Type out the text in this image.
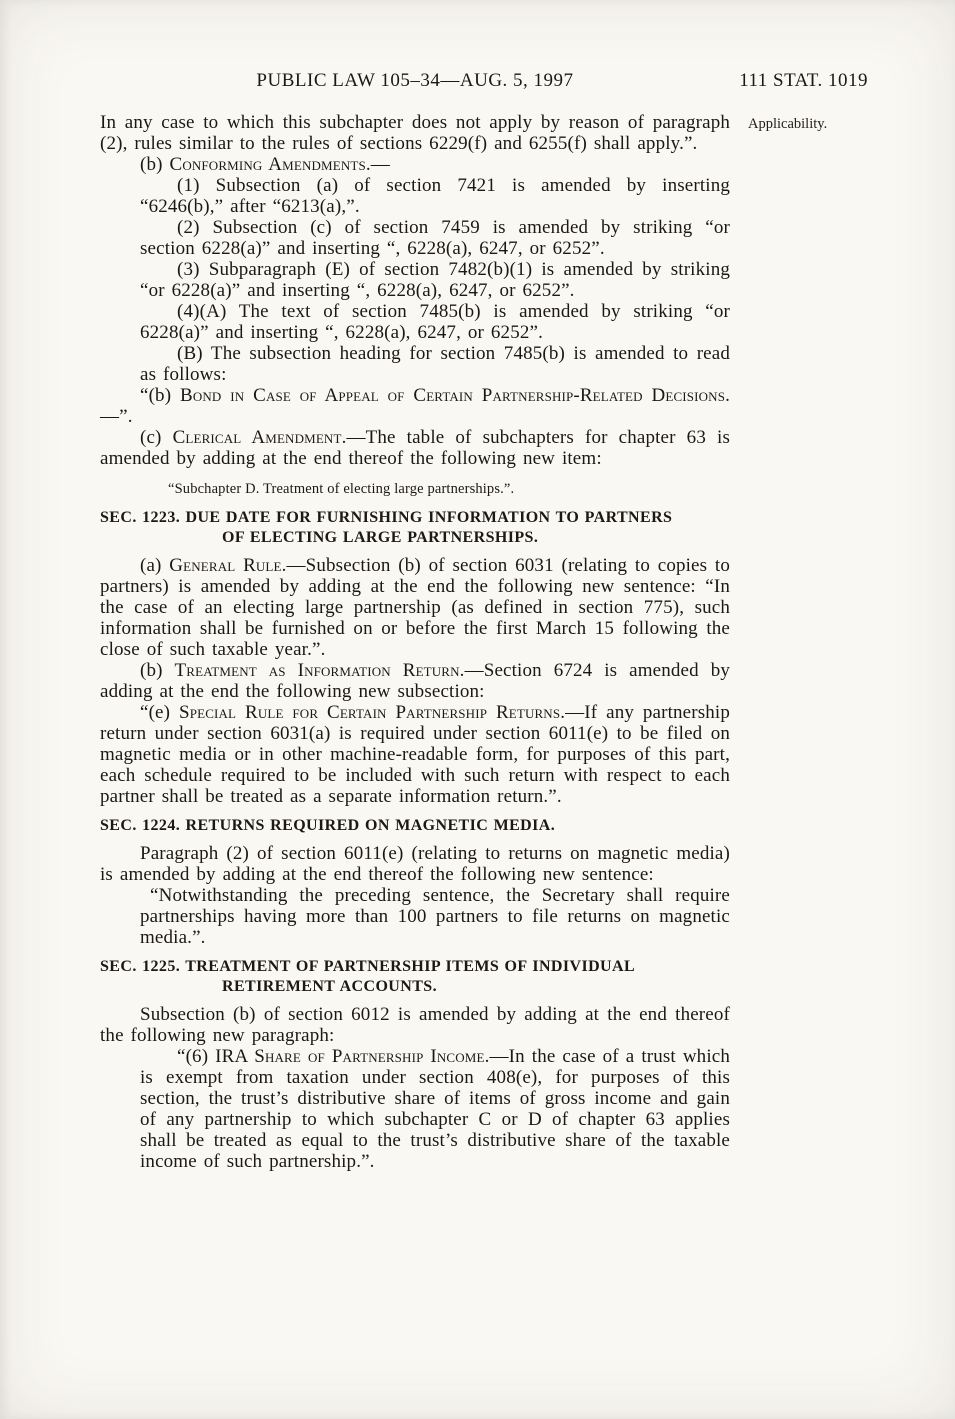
PUBLIC LAW 105–34—AUG. 5, 1997	111 STAT. 1019
Applicability.

In any case to which this subchapter does not apply by reason of paragraph (2), rules similar to the rules of sections 6229(f) and 6255(f) shall apply.”.

(b) Conforming Amendments.—

(1) Subsection (a) of section 7421 is amended by inserting “6246(b),” after “6213(a),”.

(2) Subsection (c) of section 7459 is amended by striking “or section 6228(a)” and inserting “, 6228(a), 6247, or 6252”.

(3) Subparagraph (E) of section 7482(b)(1) is amended by striking “or 6228(a)” and inserting “, 6228(a), 6247, or 6252”.

(4)(A) The text of section 7485(b) is amended by striking “or 6228(a)” and inserting “, 6228(a), 6247, or 6252”.

(B) The subsection heading for section 7485(b) is amended to read as follows:

“(b) Bond in Case of Appeal of Certain Partnership-Related Decisions.—”.

(c) Clerical Amendment.—The table of subchapters for chapter 63 is amended by adding at the end thereof the following new item:

“Subchapter D. Treatment of electing large partnerships.”.

SEC. 1223. DUE DATE FOR FURNISHING INFORMATION TO PARTNERS
OF ELECTING LARGE PARTNERSHIPS.

(a) General Rule.—Subsection (b) of section 6031 (relating to copies to partners) is amended by adding at the end the following new sentence: “In the case of an electing large partnership (as defined in section 775), such information shall be furnished on or before the first March 15 following the close of such taxable year.”.

(b) Treatment as Information Return.—Section 6724 is amended by adding at the end the following new subsection:

“(e) Special Rule for Certain Partnership Returns.—If any partnership return under section 6031(a) is required under section 6011(e) to be filed on magnetic media or in other machine-readable form, for purposes of this part, each schedule required to be included with such return with respect to each partner shall be treated as a separate information return.”.

SEC. 1224. RETURNS REQUIRED ON MAGNETIC MEDIA.

Paragraph (2) of section 6011(e) (relating to returns on magnetic media) is amended by adding at the end thereof the following new sentence:

“Notwithstanding the preceding sentence, the Secretary shall require partnerships having more than 100 partners to file returns on magnetic media.”.

SEC. 1225. TREATMENT OF PARTNERSHIP ITEMS OF INDIVIDUAL
RETIREMENT ACCOUNTS.

Subsection (b) of section 6012 is amended by adding at the end thereof the following new paragraph:

“(6) IRA Share of Partnership Income.—In the case of a trust which is exempt from taxation under section 408(e), for purposes of this section, the trust’s distributive share of items of gross income and gain of any partnership to which subchapter C or D of chapter 63 applies shall be treated as equal to the trust’s distributive share of the taxable income of such partnership.”.
